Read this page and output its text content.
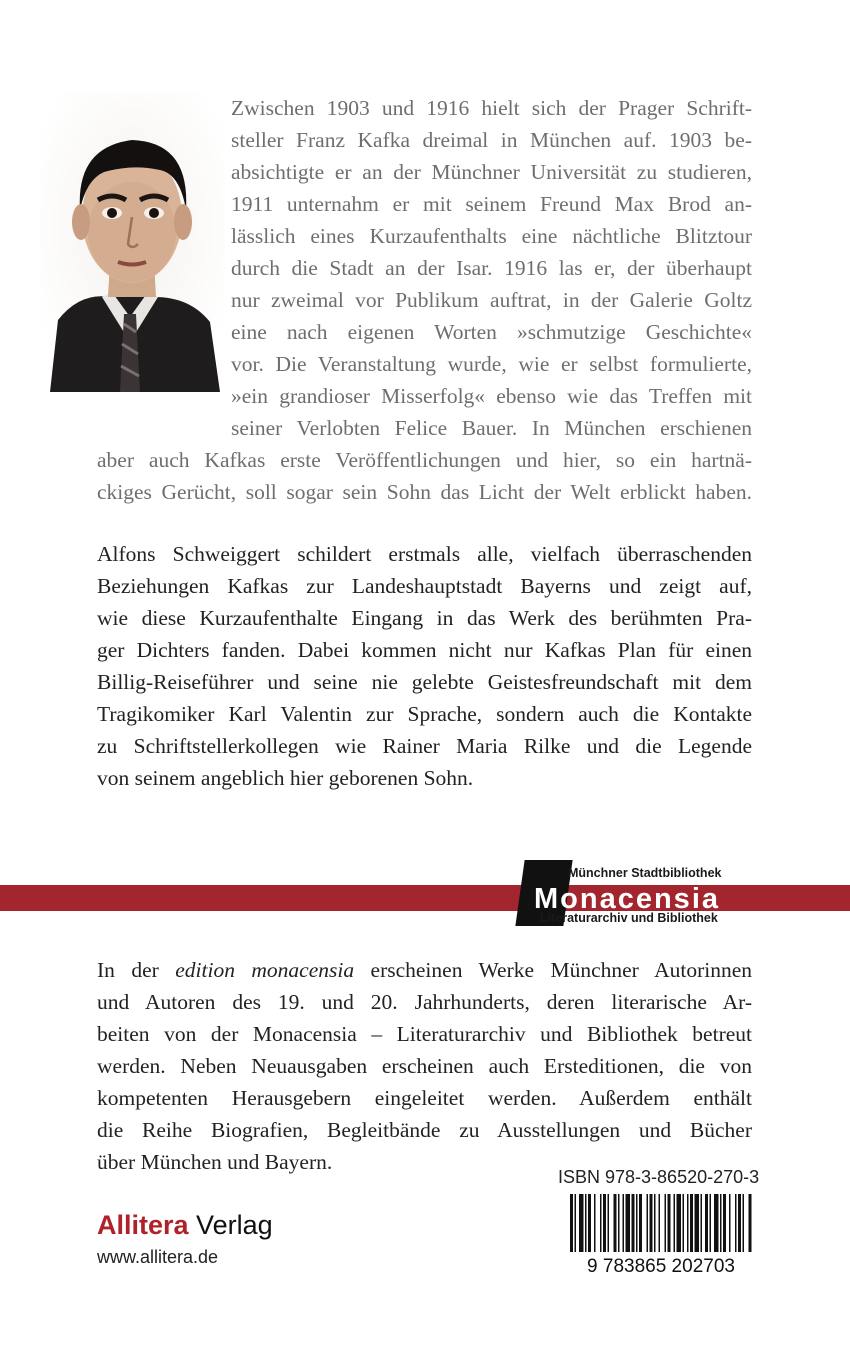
Zwischen 1903 und 1916 hielt sich der Prager Schrift-
steller Franz Kafka dreimal in München auf. 1903 be-
absichtigte er an der Münchner Universität zu studieren,
1911 unternahm er mit seinem Freund Max Brod an-
lässlich eines Kurzaufenthalts eine nächtliche Blitztour
durch die Stadt an der Isar. 1916 las er, der überhaupt
nur zweimal vor Publikum auftrat, in der Galerie Goltz
eine nach eigenen Worten »schmutzige Geschichte«
vor. Die Veranstaltung wurde, wie er selbst formulierte,
»ein grandioser Misserfolg« ebenso wie das Treffen mit
seiner Verlobten Felice Bauer. In München erschienen
aber auch Kafkas erste Veröffentlichungen und hier, so ein hartnä-
ckiges Gerücht, soll sogar sein Sohn das Licht der Welt erblickt haben.
Alfons Schweiggert schildert erstmals alle, vielfach überraschenden
Beziehungen Kafkas zur Landeshauptstadt Bayerns und zeigt auf,
wie diese Kurzaufenthalte Eingang in das Werk des berühmten Pra-
ger Dichters fanden. Dabei kommen nicht nur Kafkas Plan für einen
Billig-Reiseführer und seine nie gelebte Geistesfreundschaft mit dem
Tragikomiker Karl Valentin zur Sprache, sondern auch die Kontakte
zu Schriftstellerkollegen wie Rainer Maria Rilke und die Legende
von seinem angeblich hier geborenen Sohn.
Münchner Stadtbibliothek
Monacensia
Literaturarchiv und Bibliothek
In der edition monacensia erscheinen Werke Münchner Autorinnen
und Autoren des 19. und 20. Jahrhunderts, deren literarische Ar-
beiten von der Monacensia – Literaturarchiv und Bibliothek betreut
werden. Neben Neuausgaben erscheinen auch Ersteditionen, die von
kompetenten Herausgebern eingeleitet werden. Außerdem enthält
die Reihe Biografien, Begleitbände zu Ausstellungen und Bücher
über München und Bayern.
ISBN 978-3-86520-270-3
9 783865 202703
Allitera Verlag
www.allitera.de
